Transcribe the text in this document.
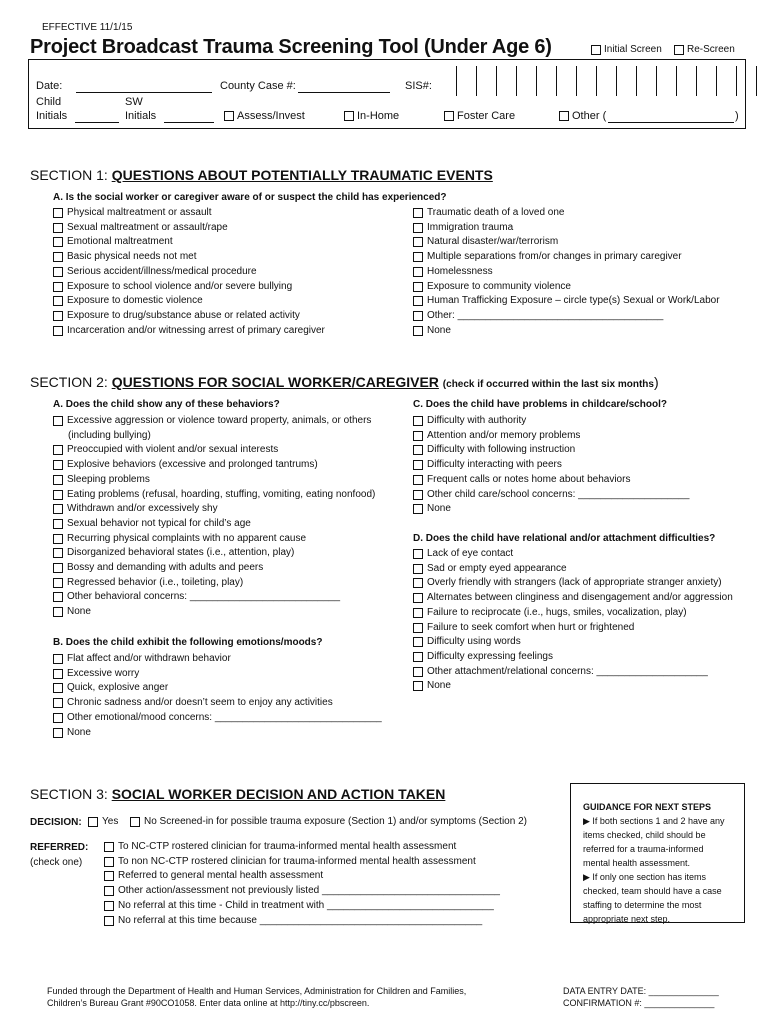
EFFECTIVE 11/1/15
Project Broadcast Trauma Screening Tool (Under Age 6)	Initial Screen	Re-Screen
Date:	County Case #:	SIS#:
Child Initials
SW Initials	Assess/Invest	In-Home	Foster Care	Other (	)
SECTION 1: QUESTIONS ABOUT POTENTIALLY TRAUMATIC EVENTS
A. Is the social worker or caregiver aware of or suspect the child has experienced?
Physical maltreatment or assault
Sexual maltreatment or assault/rape
Emotional maltreatment
Basic physical needs not met
Serious accident/illness/medical procedure
Exposure to school violence and/or severe bullying
Exposure to domestic violence
Exposure to drug/substance abuse or related activity
Incarceration and/or witnessing arrest of primary caregiver
Traumatic death of a loved one
Immigration trauma
Natural disaster/war/terrorism
Multiple separations from/or changes in primary caregiver
Homelessness
Exposure to community violence
Human Trafficking Exposure – circle type(s) Sexual or Work/Labor
Other: _____________________________________
None
SECTION 2: QUESTIONS FOR SOCIAL WORKER/CAREGIVER (check if occurred within the last six months)
A. Does the child show any of these behaviors?
Excessive aggression or violence toward property, animals, or others
(including bullying)
Preoccupied with violent and/or sexual interests
Explosive behaviors (excessive and prolonged tantrums)
Sleeping problems
Eating problems (refusal, hoarding, stuffing, vomiting, eating nonfood)
Withdrawn and/or excessively shy
Sexual behavior not typical for child’s age
Recurring physical complaints with no apparent cause
Disorganized behavioral states (i.e., attention, play)
Bossy and demanding with adults and peers
Regressed behavior (i.e., toileting, play)
Other behavioral concerns: ___________________________
None
B. Does the child exhibit the following emotions/moods?
Flat affect and/or withdrawn behavior
Excessive worry
Quick, explosive anger
Chronic sadness and/or doesn’t seem to enjoy any activities
Other emotional/mood concerns: ______________________________
None
C. Does the child have problems in childcare/school?
Difficulty with authority
Attention and/or memory problems
Difficulty with following instruction
Difficulty interacting with peers
Frequent calls or notes home about behaviors
Other child care/school concerns: ____________________
None
D. Does the child have relational and/or attachment difficulties?
Lack of eye contact
Sad or empty eyed appearance
Overly friendly with strangers (lack of appropriate stranger anxiety)
Alternates between clinginess and disengagement and/or aggression
Failure to reciprocate (i.e., hugs, smiles, vocalization, play)
Failure to seek comfort when hurt or frightened
Difficulty using words
Difficulty expressing feelings
Other attachment/relational concerns: ____________________
None
SECTION 3: SOCIAL WORKER DECISION AND ACTION TAKEN
DECISION: Yes	No Screened-in for possible trauma exposure (Section 1) and/or symptoms (Section 2)
REFERRED:
(check one)
To NC-CTP rostered clinician for trauma-informed mental health assessment
To non NC-CTP rostered clinician for trauma-informed mental health assessment
Referred to general mental health assessment
Other action/assessment not previously listed ________________________________
No referral at this time - Child in treatment with ______________________________
No referral at this time because ________________________________________
GUIDANCE FOR NEXT STEPS
▶ If both sections 1 and 2 have any items checked, child should be referred for a trauma-informed mental health assessment.
▶ If only one section has items checked, team should have a case staffing to determine the most appropriate next step.
Funded through the Department of Health and Human Services, Administration for Children and Families,
Children’s Bureau Grant #90CO1058. Enter data online at http://tiny.cc/pbscreen.
DATA ENTRY DATE: ______________
CONFIRMATION #: ______________
